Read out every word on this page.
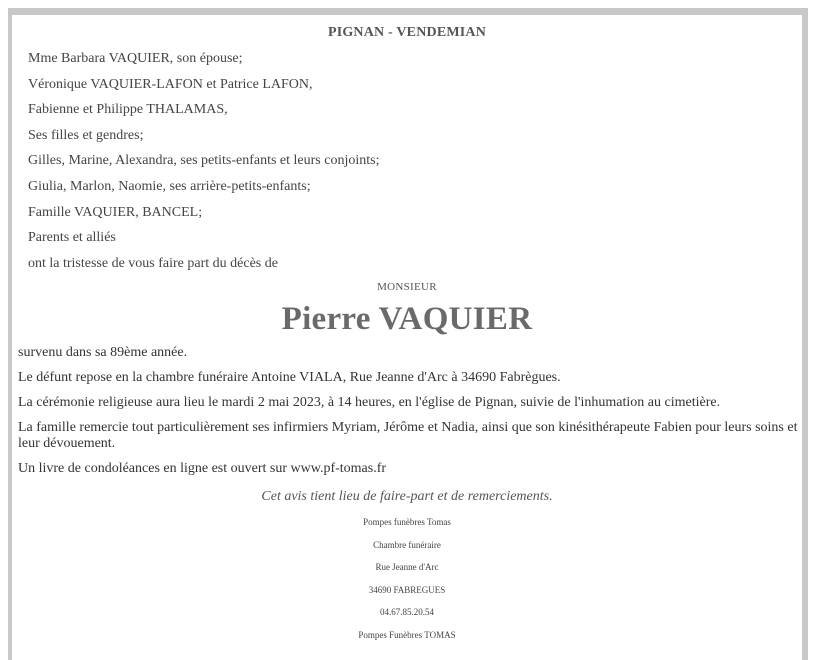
PIGNAN - VENDEMIAN
Mme Barbara VAQUIER, son épouse;
Véronique VAQUIER-LAFON et Patrice LAFON,
Fabienne et Philippe THALAMAS,
Ses filles et gendres;
Gilles, Marine, Alexandra, ses petits-enfants et leurs conjoints;
Giulia, Marlon, Naomie, ses arrière-petits-enfants;
Famille VAQUIER, BANCEL;
Parents et alliés
ont la tristesse de vous faire part du décès de
MONSIEUR
Pierre VAQUIER

survenu dans sa 89ème année.

Le défunt repose en la chambre funéraire Antoine VIALA, Rue Jeanne d'Arc à 34690 Fabrègues.

La cérémonie religieuse aura lieu le mardi 2 mai 2023, à 14 heures, en l'église de Pignan, suivie de l'inhumation au cimetière.

La famille remercie tout particulièrement ses infirmiers Myriam, Jérôme et Nadia, ainsi que son kinésithérapeute Fabien pour leurs soins et leur dévouement.

Un livre de condoléances en ligne est ouvert sur www.pf-tomas.fr

Cet avis tient lieu de faire-part et de remerciements.
Pompes funèbres Tomas
Chambre funéraire
Rue Jeanne d'Arc
34690 FABREGUES
04.67.85.20.54
Pompes Funèbres TOMAS
